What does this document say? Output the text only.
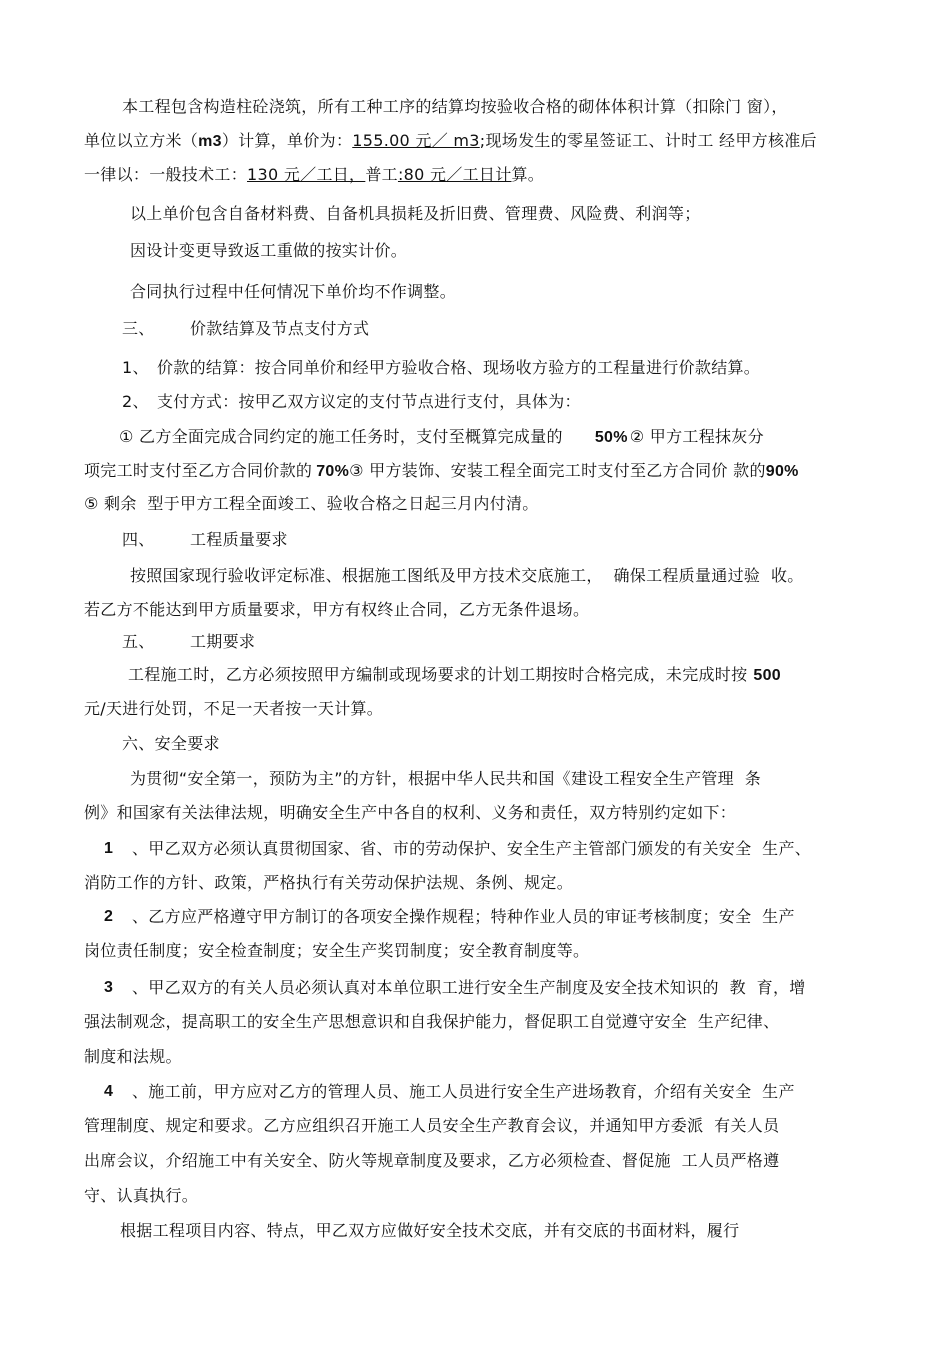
本工程包含构造柱砼浇筑，所有工种工序的结算均按验收合格的砌体体积计算（扣除门 窗），
单位以立方米（m3）计算，单价为：155.00 元／ m3;现场发生的零星签证工、计时工 经甲方核准后
一律以：一般技术工：130 元／工日，普工:80 元／工日计算。
以上单价包含自备材料费、自备机具损耗及折旧费、管理费、风险费、利润等；
因设计变更导致返工重做的按实计价。
合同执行过程中任何情况下单价均不作调整。
三、 价款结算及节点支付方式
1、 价款的结算：按合同单价和经甲方验收合格、现场收方验方的工程量进行价款结算。
2、 支付方式：按甲乙双方议定的支付节点进行支付，具体为：
① 乙方全面完成合同约定的施工任务时，支付至概算完成量的 50% ② 甲方工程抹灰分
项完工时支付至乙方合同价款的 70%③ 甲方装饰、安装工程全面完工时支付至乙方合同价 款的90%
⑤ 剩余  型于甲方工程全面竣工、验收合格之日起三月内付清。
四、 工程质量要求
按照国家现行验收评定标准、根据施工图纸及甲方技术交底施工，  确保工程质量通过验  收。
若乙方不能达到甲方质量要求，甲方有权终止合同，乙方无条件退场。
五、 工期要求
工程施工时，乙方必须按照甲方编制或现场要求的计划工期按时合格完成，未完成时按 500
元/天进行处罚，不足一天者按一天计算。
六、安全要求
为贯彻“安全第一，预防为主”的方针，根据中华人民共和国《建设工程安全生产管理  条
例》和国家有关法律法规，明确安全生产中各自的权利、义务和责任，双方特别约定如下：
1 、甲乙双方必须认真贯彻国家、省、市的劳动保护、安全生产主管部门颁发的有关安全  生产、
消防工作的方针、政策，严格执行有关劳动保护法规、条例、规定。
2 、乙方应严格遵守甲方制订的各项安全操作规程；特种作业人员的审证考核制度；安全  生产
岗位责任制度；安全检查制度；安全生产奖罚制度；安全教育制度等。
3 、甲乙双方的有关人员必须认真对本单位职工进行安全生产制度及安全技术知识的  教  育，增
强法制观念，提高职工的安全生产思想意识和自我保护能力，督促职工自觉遵守安全  生产纪律、
制度和法规。
4 、施工前，甲方应对乙方的管理人员、施工人员进行安全生产进场教育，介绍有关安全  生产
管理制度、规定和要求。乙方应组织召开施工人员安全生产教育会议，并通知甲方委派  有关人员
出席会议，介绍施工中有关安全、防火等规章制度及要求，乙方必须检查、督促施  工人员严格遵
守、认真执行。
根据工程项目内容、特点，甲乙双方应做好安全技术交底，并有交底的书面材料，履行
